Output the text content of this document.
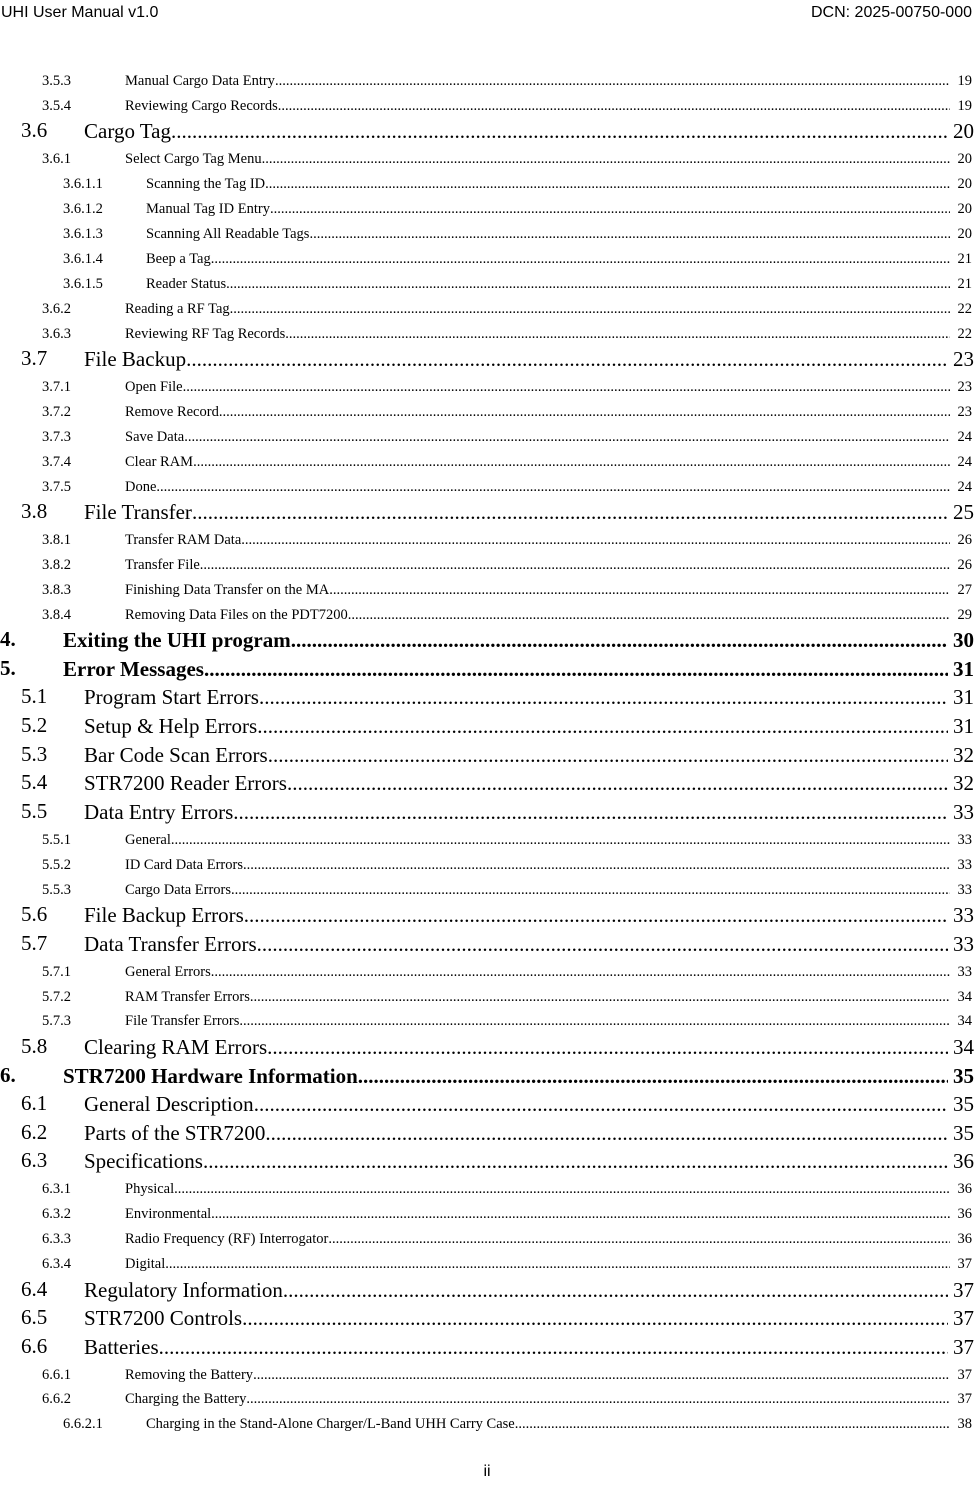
UHI User Manual v1.0	DCN: 2025-00750-000
3.5.3	Manual Cargo Data Entry .....	19
3.5.4	Reviewing Cargo Records .....	19
3.6 Cargo Tag .....	20
3.6.1	Select Cargo Tag Menu .....	20
3.6.1.1	Scanning the Tag ID .....	20
3.6.1.2	Manual Tag ID Entry .....	20
3.6.1.3	Scanning All Readable Tags .....	20
3.6.1.4	Beep a Tag .....	21
3.6.1.5	Reader Status .....	21
3.6.2	Reading a RF Tag .....	22
3.6.3	Reviewing RF Tag Records .....	22
3.7 File Backup .....	23
3.7.1	Open File .....	23
3.7.2	Remove Record .....	23
3.7.3	Save Data .....	24
3.7.4	Clear RAM .....	24
3.7.5	Done .....	24
3.8 File Transfer .....	25
3.8.1	Transfer RAM Data .....	26
3.8.2	Transfer File .....	26
3.8.3	Finishing Data Transfer on the MA .....	27
3.8.4	Removing Data Files on the PDT7200 .....	29
4. Exiting the UHI program .....	30
5. Error Messages .....	31
5.1 Program Start Errors .....	31
5.2 Setup & Help Errors .....	31
5.3 Bar Code Scan Errors .....	32
5.4 STR7200 Reader Errors .....	32
5.5 Data Entry Errors .....	33
5.5.1	General .....	33
5.5.2	ID Card Data Errors .....	33
5.5.3	Cargo Data Errors .....	33
5.6 File Backup Errors .....	33
5.7 Data Transfer Errors .....	33
5.7.1	General Errors .....	33
5.7.2	RAM Transfer Errors .....	34
5.7.3	File Transfer Errors .....	34
5.8 Clearing RAM Errors .....	34
6. STR7200 Hardware Information .....	35
6.1 General Description .....	35
6.2 Parts of the STR7200 .....	35
6.3 Specifications .....	36
6.3.1	Physical .....	36
6.3.2	Environmental .....	36
6.3.3	Radio Frequency (RF) Interrogator .....	36
6.3.4	Digital .....	37
6.4 Regulatory Information .....	37
6.5 STR7200 Controls .....	37
6.6 Batteries .....	37
6.6.1	Removing the Battery .....	37
6.6.2	Charging the Battery .....	37
6.6.2.1	Charging in the Stand-Alone Charger/L-Band UHH Carry Case .....	38
ii
